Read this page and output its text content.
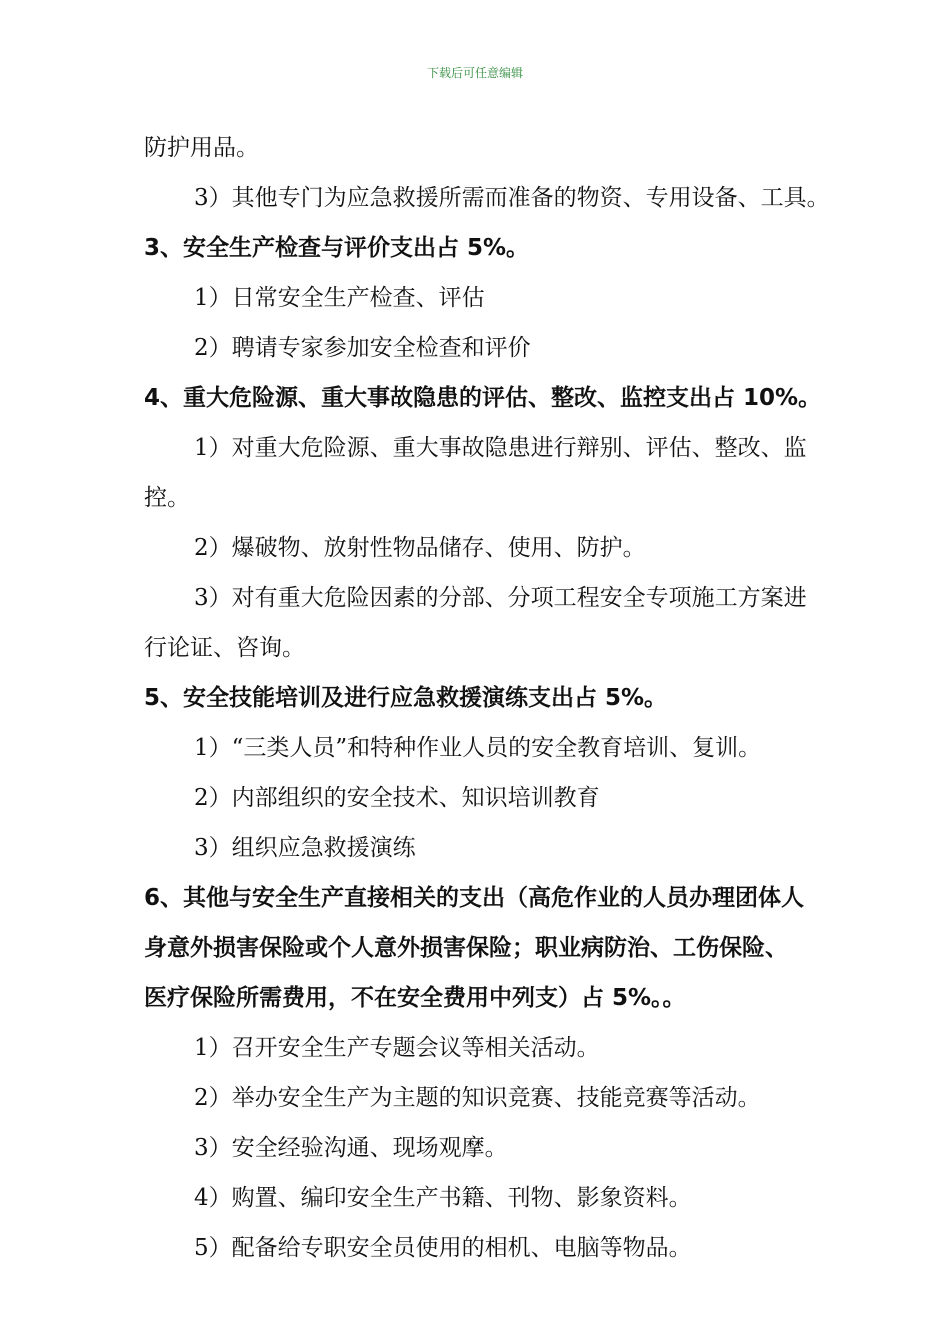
下载后可任意编辑
防护用品。
3）其他专门为应急救援所需而准备的物资、专用设备、工具。
3、安全生产检查与评价支出占 5%。
1）日常安全生产检查、评估
2）聘请专家参加安全检查和评价
4、重大危险源、重大事故隐患的评估、整改、监控支出占 10%。
1）对重大危险源、重大事故隐患进行辩别、评估、整改、监
控。
2）爆破物、放射性物品储存、使用、防护。
3）对有重大危险因素的分部、分项工程安全专项施工方案进
行论证、咨询。
5、安全技能培训及进行应急救援演练支出占 5%。
1）“三类人员”和特种作业人员的安全教育培训、复训。
2）内部组织的安全技术、知识培训教育
3）组织应急救援演练
6、其他与安全生产直接相关的支出（高危作业的人员办理团体人
身意外损害保险或个人意外损害保险；职业病防治、工伤保险、
医疗保险所需费用，不在安全费用中列支）占 5%。。
1）召开安全生产专题会议等相关活动。
2）举办安全生产为主题的知识竞赛、技能竞赛等活动。
3）安全经验沟通、现场观摩。
4）购置、编印安全生产书籍、刊物、影象资料。
5）配备给专职安全员使用的相机、电脑等物品。
